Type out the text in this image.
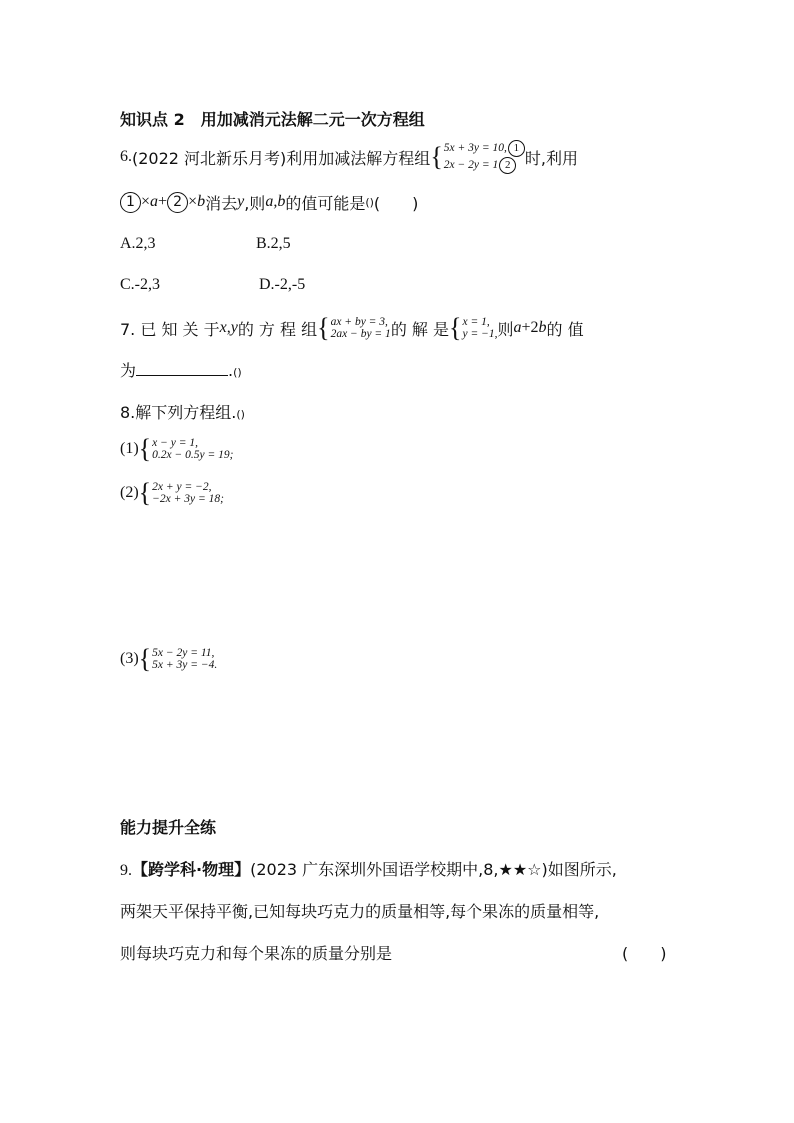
知识点 2　用加减消元法解二元一次方程组
6. (2022 河北新乐月考) 利用加减法解方程组 { 5x + 3y = 10, 1
2x − 2y = 1 2 时,利用
1 × a + 2 × b 消去 y ,则 a,b 的值可能是 () (　　)
A.2,3	B.2,5
C.-2,3	D.-2,-5
7. 已 知 关 于 x,y 的 方 程 组 { ax + by = 3,
2ax − by = 1 的 解 是 { x = 1,
y = −1, 则 a +2 b 的 值
为	.()
8.解下列方程组.()
(1) { x − y = 1,
0.2x − 0.5y = 19;
(2) { 2x + y = −2,
−2x + 3y = 18;
(3) { 5x − 2y = 11,
5x + 3y = −4.
能力提升全练
9.【跨学科·物理】(2023 广东深圳外国语学校期中,8,★★☆)如图所示,
两架天平保持平衡,已知每块巧克力的质量相等,每个果冻的质量相等,
则每块巧克力和每个果冻的质量分别是	(　　)
